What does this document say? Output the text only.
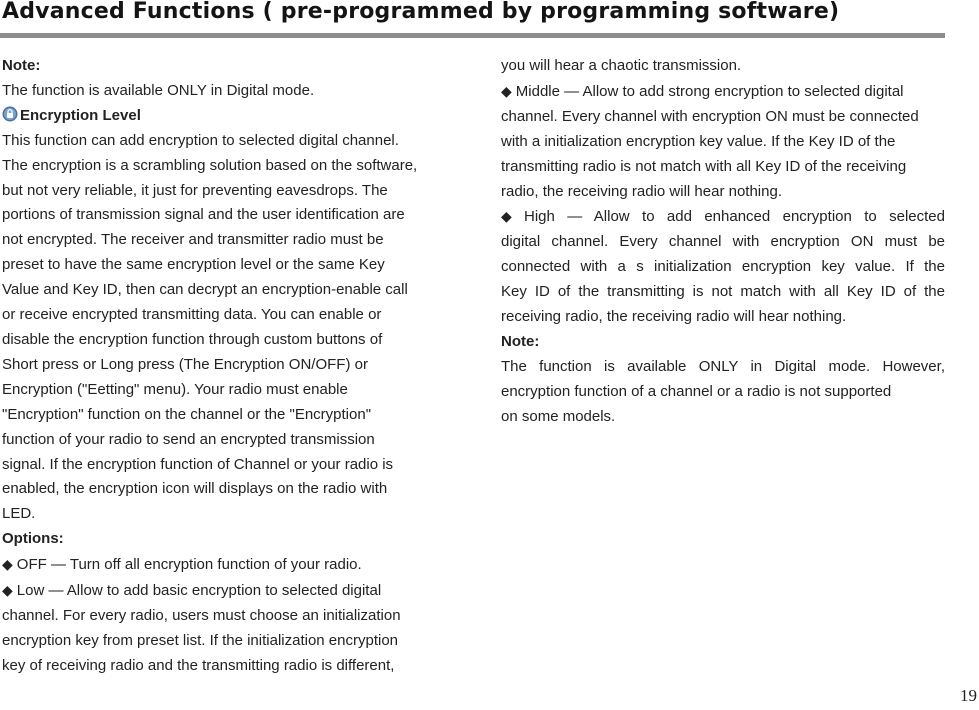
Advanced Functions ( pre-programmed by programming software)
Note:
The function is available ONLY in Digital mode.
Encryption Level
This function can add encryption to selected digital channel.
The encryption is a scrambling solution based on the software,
but not very reliable, it just for preventing eavesdrops. The
portions of transmission signal and the user identification are
not encrypted. The receiver and transmitter radio must be
preset to have the same encryption level or the same Key
Value and Key ID, then can decrypt an encryption-enable call
or receive encrypted transmitting data. You can enable or
disable the encryption function through custom buttons of
Short press or Long press (The Encryption ON/OFF) or
Encryption ("Eetting" menu). Your radio must enable
"Encryption" function on the channel or the "Encryption"
function of your radio to send an encrypted transmission
signal. If the encryption function of Channel or your radio is
enabled, the encryption icon will displays on the radio with
LED.
Options:
◆ OFF — Turn off all encryption function of your radio.
◆ Low — Allow to add basic encryption to selected digital
channel. For every radio, users must choose an initialization
encryption key from preset list. If the initialization encryption
key of receiving radio and the transmitting radio is different,
you will hear a chaotic transmission.
◆ Middle — Allow to add strong encryption to selected digital
channel. Every channel with encryption ON must be connected
with a initialization encryption key value. If the Key ID of the
transmitting radio is not match with all Key ID of the receiving
radio, the receiving radio will hear nothing.
◆ High — Allow to add enhanced encryption to selected
digital channel. Every channel with encryption ON must be
connected with a s initialization encryption key value. If the
Key ID of the transmitting is not match with all Key ID of the
receiving radio, the receiving radio will hear nothing.
Note:
The function is available ONLY in Digital mode. However,
encryption function of a channel or a radio is not supported
on some models.
19
